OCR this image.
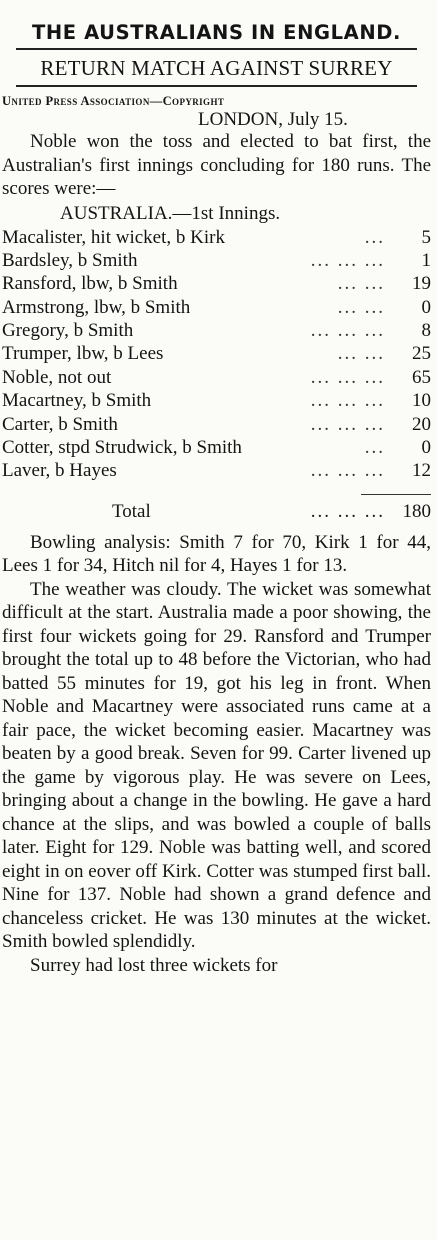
THE AUSTRALIANS IN ENGLAND.
RETURN MATCH AGAINST SURREY
United Press Association—Copyright
LONDON, July 15.

Noble won the toss and elected to bat first, the Australian's first innings concluding for 180 runs. The scores were:—

AUSTRALIA.—1st Innings.
Macalister, hit wicket, b Kirk	...	5
Bardsley, b Smith	... ... ...	1
Ransford, lbw, b Smith	... ...	19
Armstrong, lbw, b Smith	... ...	0
Gregory, b Smith	... ... ...	8
Trumper, lbw, b Lees	... ...	25
Noble, not out	... ... ...	65
Macartney, b Smith	... ... ...	10
Carter, b Smith	... ... ...	20
Cotter, stpd Strudwick, b Smith	...	0
Laver, b Hayes	... ... ...	12
Total	... ... ... 180

Bowling analysis: Smith 7 for 70, Kirk 1 for 44, Lees 1 for 34, Hitch nil for 4, Hayes 1 for 13.

The weather was cloudy. The wicket was somewhat difficult at the start. Australia made a poor showing, the first four wickets going for 29. Ransford and Trumper brought the total up to 48 before the Victorian, who had batted 55 minutes for 19, got his leg in front. When Noble and Macartney were associated runs came at a fair pace, the wicket becoming easier. Macartney was beaten by a good break. Seven for 99. Carter livened up the game by vigorous play. He was severe on Lees, bringing about a change in the bowling. He gave a hard chance at the slips, and was bowled a couple of balls later. Eight for 129. Noble was batting well, and scored eight in on eover off Kirk. Cotter was stumped first ball. Nine for 137. Noble had shown a grand defence and chanceless cricket. He was 130 minutes at the wicket. Smith bowled splendidly.

Surrey had lost three wickets for
